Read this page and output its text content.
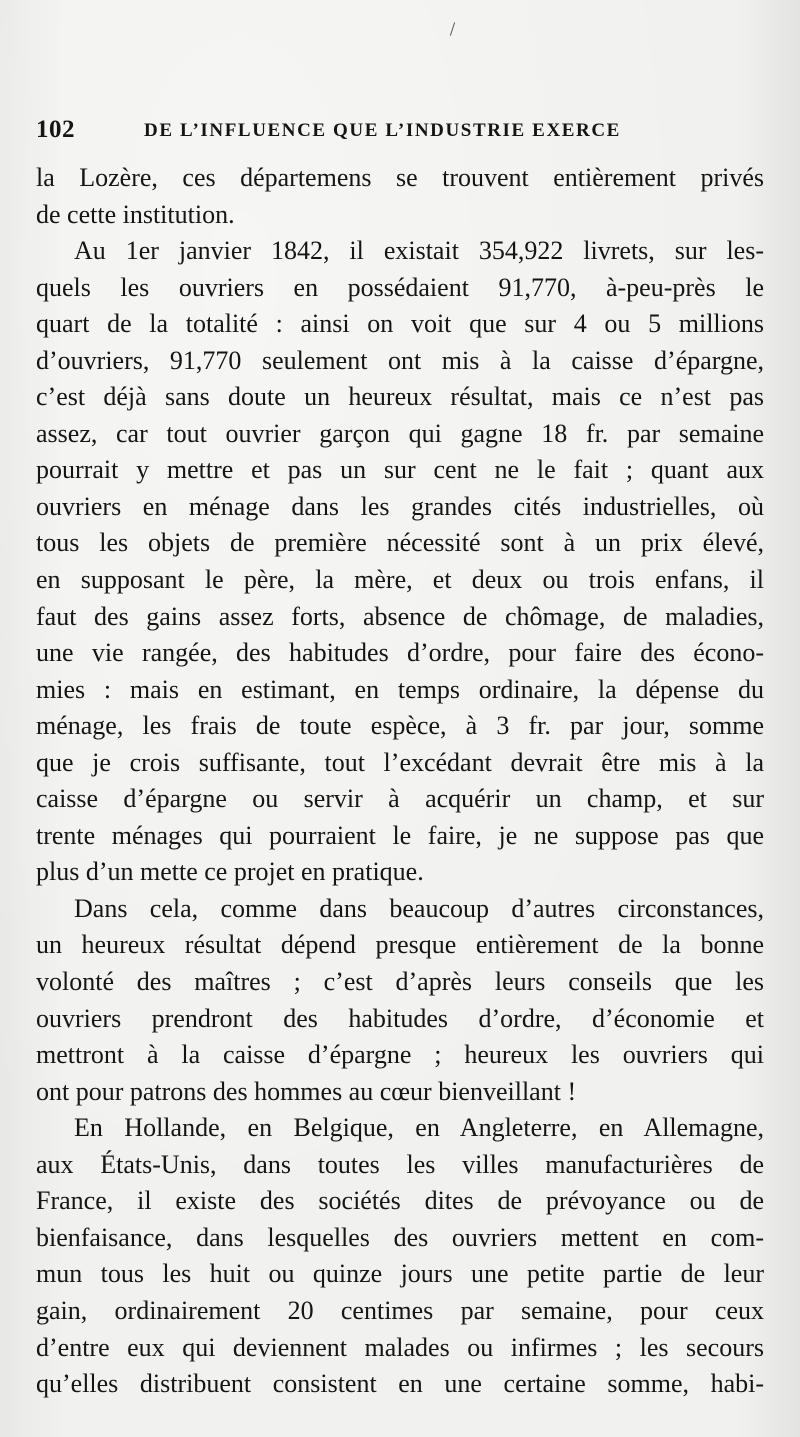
102	DE L’INFLUENCE QUE L’INDUSTRIE EXERCE
la Lozère, ces départemens se trouvent entièrement privés
de cette institution.
Au 1er janvier 1842, il existait 354,922 livrets, sur les-
quels les ouvriers en possédaient 91,770, à-peu-près le
quart de la totalité : ainsi on voit que sur 4 ou 5 millions
d’ouvriers, 91,770 seulement ont mis à la caisse d’épargne,
c’est déjà sans doute un heureux résultat, mais ce n’est pas
assez, car tout ouvrier garçon qui gagne 18 fr. par semaine
pourrait y mettre et pas un sur cent ne le fait ; quant aux
ouvriers en ménage dans les grandes cités industrielles, où
tous les objets de première nécessité sont à un prix élevé,
en supposant le père, la mère, et deux ou trois enfans, il
faut des gains assez forts, absence de chômage, de maladies,
une vie rangée, des habitudes d’ordre, pour faire des écono-
mies : mais en estimant, en temps ordinaire, la dépense du
ménage, les frais de toute espèce, à 3 fr. par jour, somme
que je crois suffisante, tout l’excédant devrait être mis à la
caisse d’épargne ou servir à acquérir un champ, et sur
trente ménages qui pourraient le faire, je ne suppose pas que
plus d’un mette ce projet en pratique.
Dans cela, comme dans beaucoup d’autres circonstances,
un heureux résultat dépend presque entièrement de la bonne
volonté des maîtres ; c’est d’après leurs conseils que les
ouvriers prendront des habitudes d’ordre, d’économie et
mettront à la caisse d’épargne ; heureux les ouvriers qui
ont pour patrons des hommes au cœur bienveillant !
En Hollande, en Belgique, en Angleterre, en Allemagne,
aux États-Unis, dans toutes les villes manufacturières de
France, il existe des sociétés dites de prévoyance ou de
bienfaisance, dans lesquelles des ouvriers mettent en com-
mun tous les huit ou quinze jours une petite partie de leur
gain, ordinairement 20 centimes par semaine, pour ceux
d’entre eux qui deviennent malades ou infirmes ; les secours
qu’elles distribuent consistent en une certaine somme, habi-
